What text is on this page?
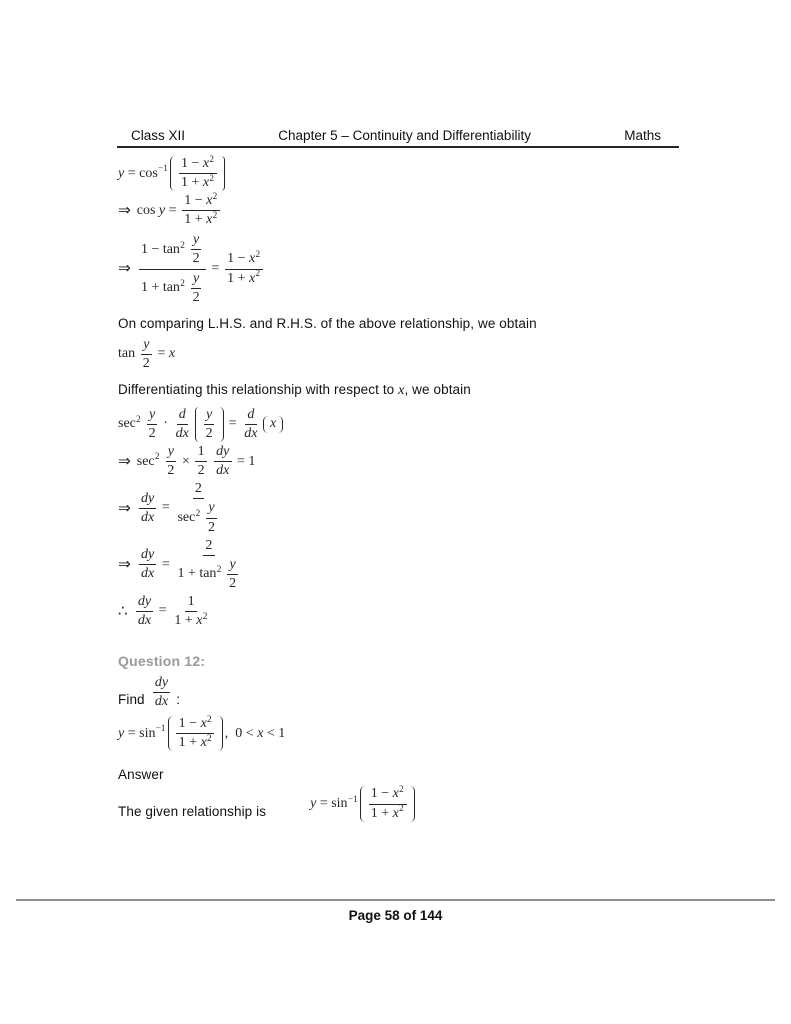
Class XII	Chapter 5 – Continuity and Differentiability	Maths
$y = \cos -1 \frac{1 - x 2}{1 + x 2}$
⇒ $\cos y = \frac{1 - x 2}{1 + x 2}$
⇒ $\frac{1 - \tan 2 \frac{y}{2}}{1 + \tan 2 \frac{y}{2}} = \frac{1 - x 2}{1 + x 2}$
On comparing L.H.S. and R.H.S. of the above relationship, we obtain
$\tan \frac{y}{2} = x$
Differentiating this relationship with respect to x, we obtain
$\sec 2 \frac{y}{2} \cdot \frac{d}{dx} \frac{y}{2} = \frac{d}{dx}$ x
⇒ $\sec 2 \frac{y}{2} \times \frac{1}{2} \frac{dy}{dx} = 1$
⇒ $\frac{dy}{dx} = \frac{2}{\sec 2 \frac{y}{2}}$
⇒ $\frac{dy}{dx} = \frac{2}{1 + \tan 2 \frac{y}{2}}$
∴ $\frac{dy}{dx} = \frac{1}{1 + x 2}$
Question 12:
Find $\frac{dy}{dx}$ :
$y = \sin -1 \frac{1 - x 2}{1 + x 2}$ ,  0 < x < 1
Answer
The given relationship is
$y = \sin -1 \frac{1 - x 2}{1 + x 2}$
Page 58 of 144
